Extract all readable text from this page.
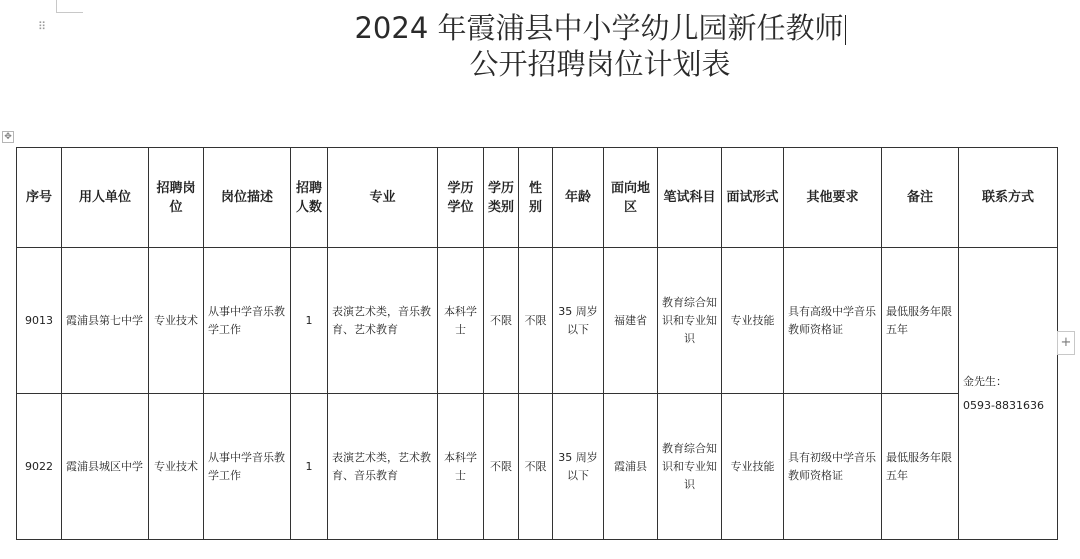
⠿	2024 年霞浦县中小学幼儿园新任教师
公开招聘岗位计划表
✥
序号	用人单位	招聘岗位	岗位描述	招聘人数	专业	学历学位	学历类别	性别	年龄	面向地区	笔试科目	面试形式	其他要求	备注	联系方式
9013	霞浦县第七中学	专业技术	从事中学音乐教学工作	1	表演艺术类，音乐教育、艺术教育	本科学士	不限	不限	35 周岁以下	福建省	教育综合知识和专业知识	专业技能	具有高级中学音乐教师资格证	最低服务年限五年	金先生：
0593-8831636

9022	霞浦县城区中学	专业技术	从事中学音乐教学工作	1	表演艺术类，艺术教育、音乐教育	本科学士	不限	不限	35 周岁以下	霞浦县	教育综合知识和专业知识	专业技能	具有初级中学音乐教师资格证	最低服务年限五年	
+
